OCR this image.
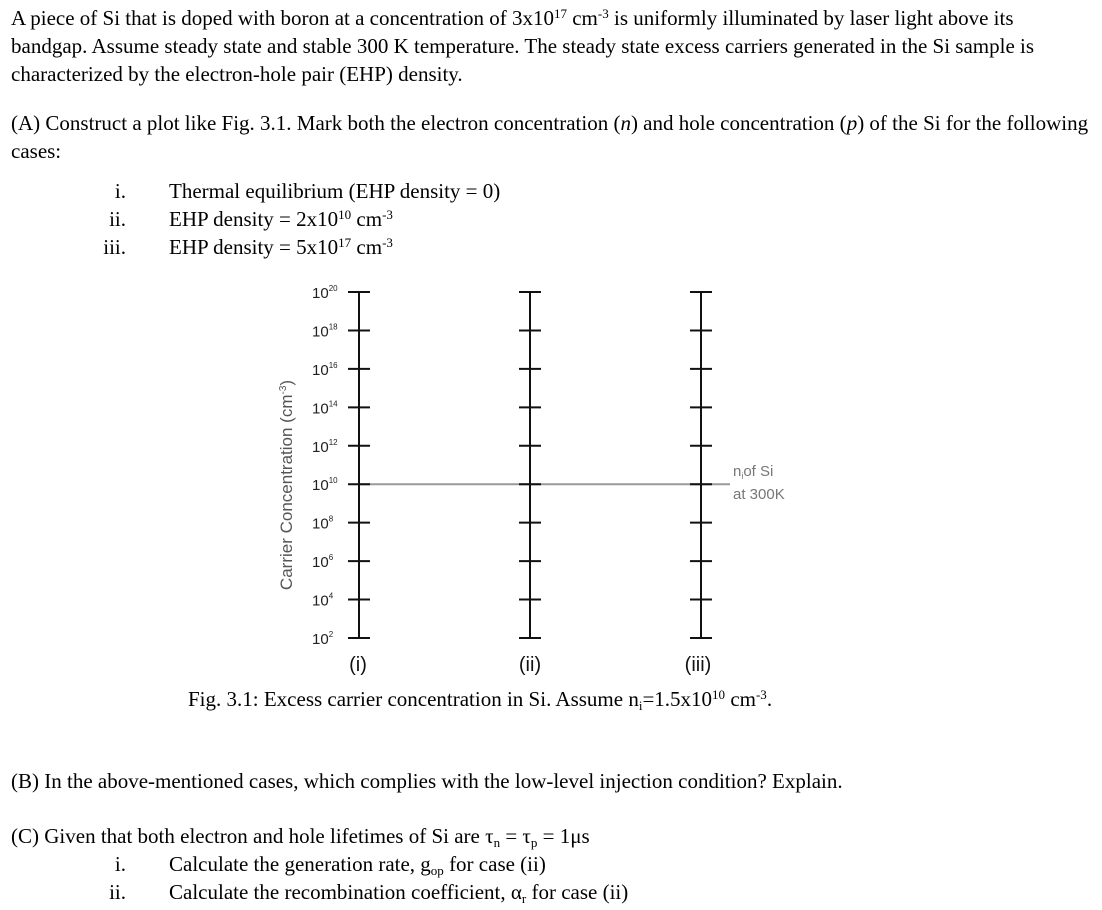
A piece of Si that is doped with boron at a concentration of $3x10^{17}$ $cm^{-3}$ is uniformly illuminated by laser light above its bandgap. Assume steady state and stable 300 K temperature. The steady state excess carriers generated in the Si sample is characterized by the electron-hole pair (EHP) density.

(A) Construct a plot like Fig. 3.1. Mark both the electron concentration (n) and hole concentration (p) of the Si for the following cases:

i. Thermal equilibrium (EHP density = 0)
ii. EHP density = $2x10^{10}$ $cm^{-3}$
iii. EHP density = $5x10^{17}$ $cm^{-3}$
Carrier Concentration $(cm^{-3})$
$10^{20}$
$10^{18}$
$10^{16}$
$10^{14}$
$10^{12}$
$10^{10}$
$10^8$
$10^6$
$10^4$
$10^2$
(i)	(ii)	(iii)
$n_iof$ Si
at 300K
Fig. 3.1: Excess carrier concentration in Si. Assume $n_i=1.5x10^{10}$ $cm^{-3}$.

(B) In the above-mentioned cases, which complies with the low-level injection condition? Explain.

(C) Given that both electron and hole lifetimes of Si are $\tau_n = \tau_p = 1\mu s$

i. Calculate the generation rate, $g_{op}$ for case (ii)
ii. Calculate the recombination coefficient, $\alpha_r$ for case (ii)
